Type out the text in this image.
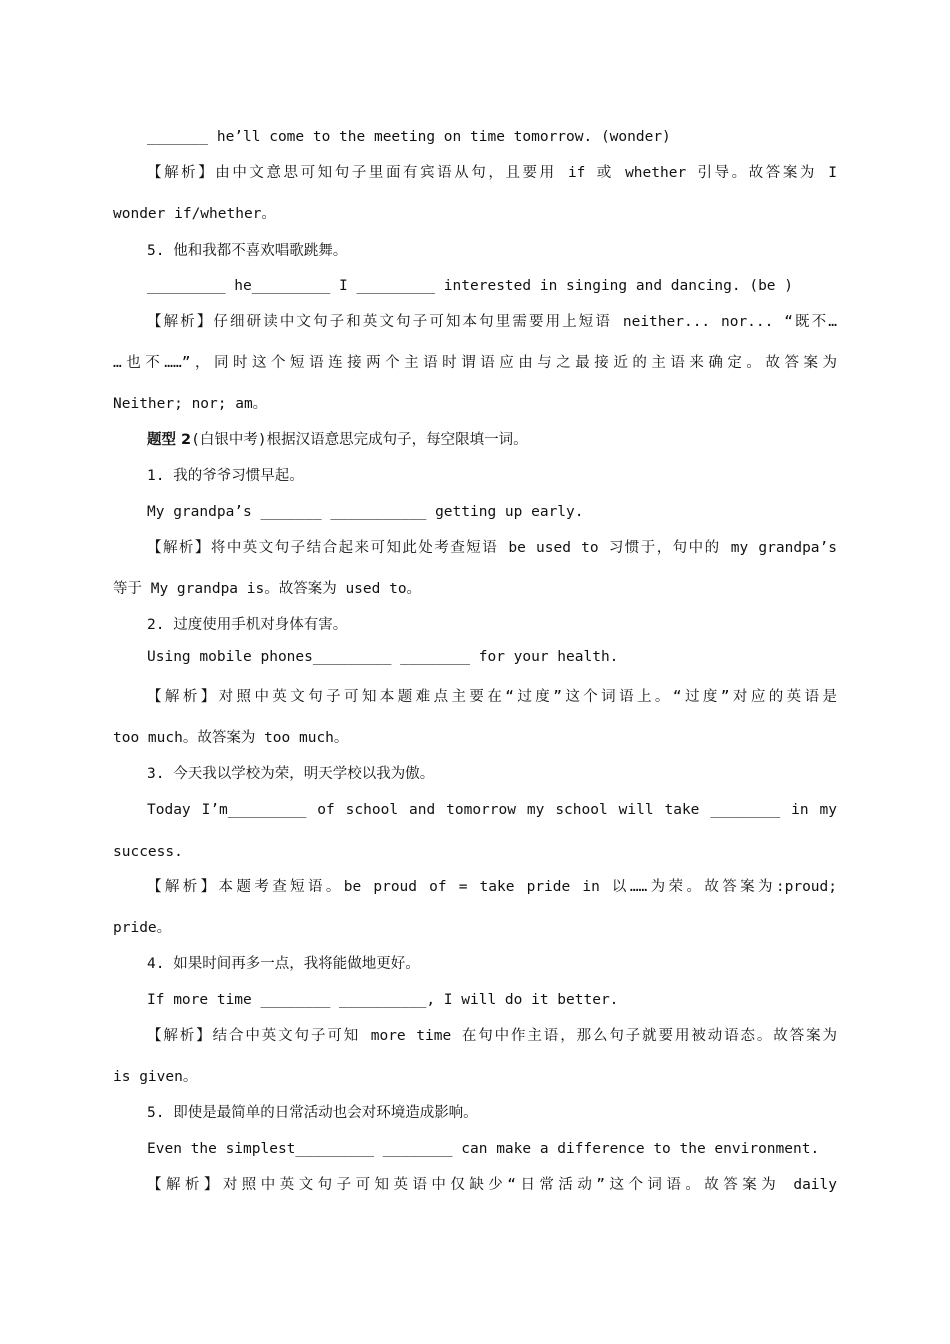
_______ he’ll come to the meeting on time tomorrow. (wonder)
【解析】由中文意思可知句子里面有宾语从句，且要用 if 或 whether 引导。故答案为 I
wonder if/whether。
5. 他和我都不喜欢唱歌跳舞。
_________ he_________ I _________ interested in singing and dancing. (be )
【解析】仔细研读中文句子和英文句子可知本句里需要用上短语 neither... nor... “既不…
…也不……”，同时这个短语连接两个主语时谓语应由与之最接近的主语来确定。故答案为
Neither; nor; am。
题型 2(白银中考)根据汉语意思完成句子，每空限填一词。
1. 我的爷爷习惯早起。
My grandpa’s _______ ___________ getting up early.
【解析】将中英文句子结合起来可知此处考查短语 be used to 习惯于，句中的 my grandpa’s
等于 My grandpa is。故答案为 used to。
2. 过度使用手机对身体有害。
Using mobile phones_________ ________ for your health.
【解析】对照中英文句子可知本题难点主要在“过度”这个词语上。“过度”对应的英语是
too much。故答案为 too much。
3. 今天我以学校为荣，明天学校以我为傲。
Today I’m_________ of school and tomorrow my school will take ________ in my
success.
【解析】本题考查短语。be proud of = take pride in 以……为荣。故答案为:proud;
pride。
4. 如果时间再多一点，我将能做地更好。
If more time ________ __________, I will do it better.
【解析】结合中英文句子可知 more time 在句中作主语，那么句子就要用被动语态。故答案为
is given。
5. 即使是最简单的日常活动也会对环境造成影响。
Even the simplest_________ ________ can make a difference to the environment.
【解析】对照中英文句子可知英语中仅缺少“日常活动”这个词语。故答案为 daily
